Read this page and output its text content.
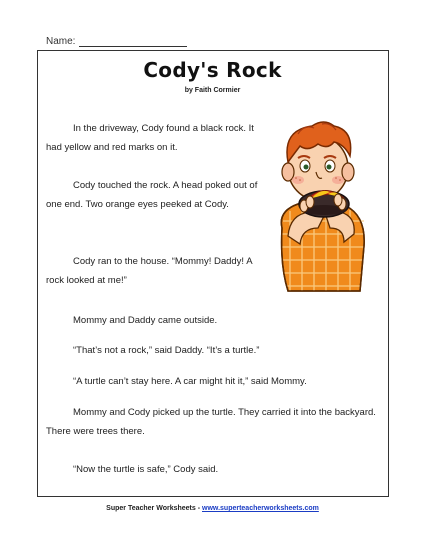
Name:
Cody's Rock
by Faith Cormier

In the driveway, Cody found a black rock. It had yellow and red marks on it.

Cody touched the rock. A head poked out of one end. Two orange eyes peeked at Cody.

Cody ran to the house. “Mommy! Daddy! A rock looked at me!”

Mommy and Daddy came outside.

“That’s not a rock,” said Daddy. “It’s a turtle.”

“A turtle can’t stay here. A car might hit it,” said Mommy.

Mommy and Cody picked up the turtle. They carried it into the backyard. There were trees there.

“Now the turtle is safe,” Cody said.

Super Teacher Worksheets - www.superteacherworksheets.com
